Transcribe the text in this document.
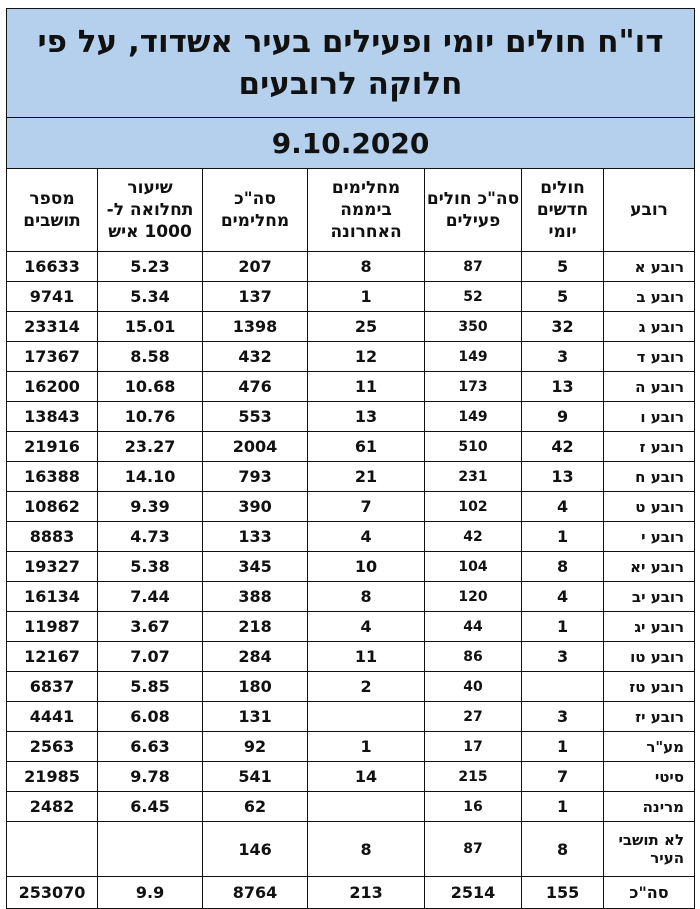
דו"ח חולים יומי ופעילים בעיר אשדוד, על פי חלוקה לרובעים						
9.10.2020						
רובע	חולים חדשים יומי	סה"כ חולים פעילים	מחלימים ביממה האחרונה	סה"כ מחלימים	שיעור תחלואה ל- 1000 איש	מספר תושבים
רובע א	5	87	8	207	5.23	16633
רובע ב	5	52	1	137	5.34	9741
רובע ג	32	350	25	1398	15.01	23314
רובע ד	3	149	12	432	8.58	17367
רובע ה	13	173	11	476	10.68	16200
רובע ו	9	149	13	553	10.76	13843
רובע ז	42	510	61	2004	23.27	21916
רובע ח	13	231	21	793	14.10	16388
רובע ט	4	102	7	390	9.39	10862
רובע י	1	42	4	133	4.73	8883
רובע יא	8	104	10	345	5.38	19327
רובע יב	4	120	8	388	7.44	16134
רובע יג	1	44	4	218	3.67	11987
רובע טו	3	86	11	284	7.07	12167
רובע טז		40	2	180	5.85	6837
רובע יז	3	27		131	6.08	4441
מע"ר	1	17	1	92	6.63	2563
סיטי	7	215	14	541	9.78	21985
מרינה	1	16		62	6.45	2482
לא תושבי העיר	8	87	8	146		
סה"כ	155	2514	213	8764	9.9	253070
